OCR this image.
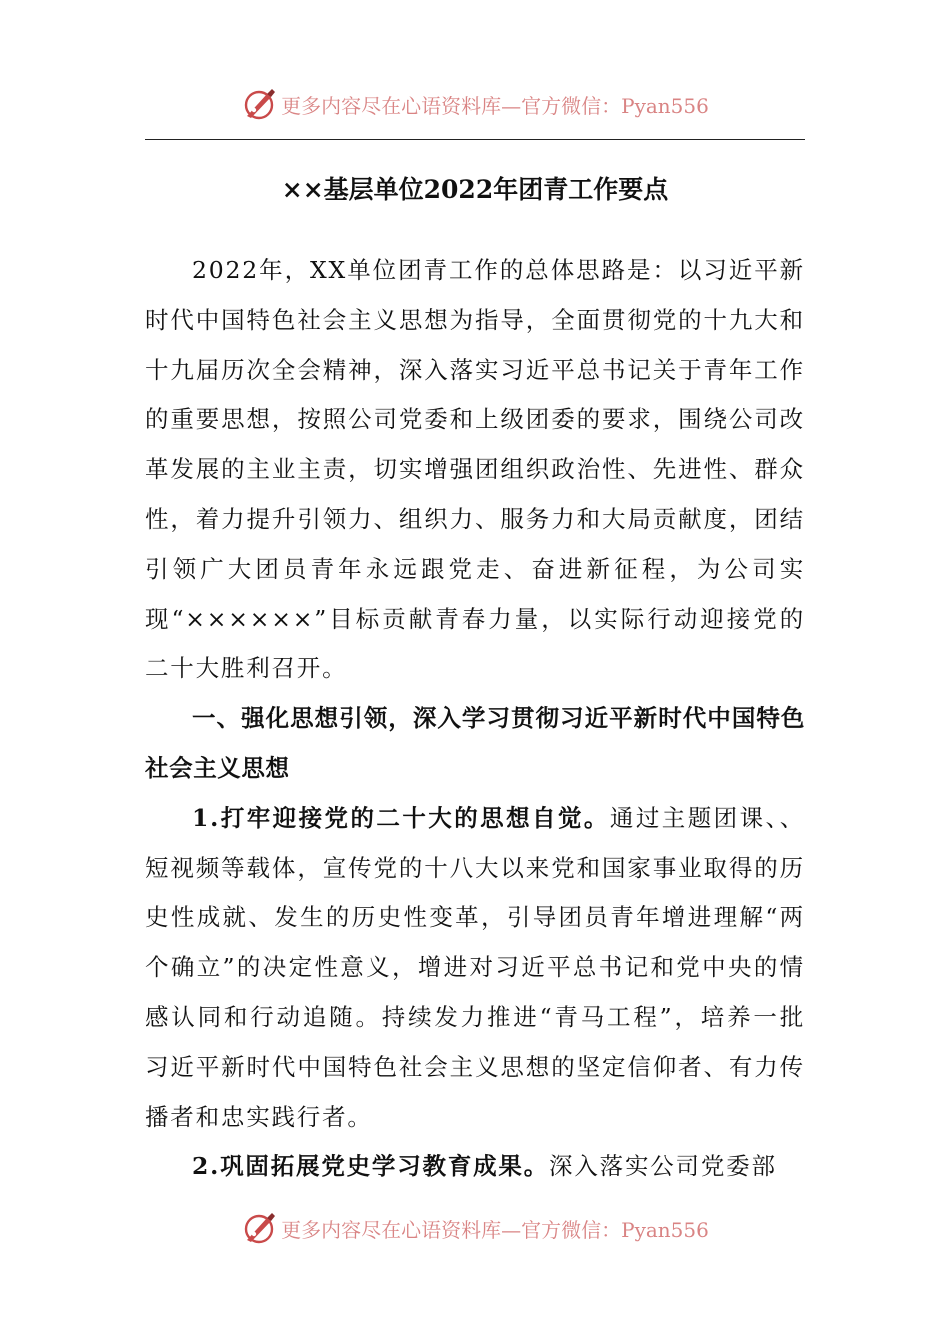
更多内容尽在心语资料库—官方微信：Pyan556
××基层单位2022年团青工作要点

2022年，XX单位团青工作的总体思路是：以习近平新时代中国特色社会主义思想为指导，全面贯彻党的十九大和十九届历次全会精神，深入落实习近平总书记关于青年工作的重要思想，按照公司党委和上级团委的要求，围绕公司改革发展的主业主责，切实增强团组织政治性、先进性、群众性，着力提升引领力、组织力、服务力和大局贡献度，团结引领广大团员青年永远跟党走、奋进新征程，为公司实现“××××××”目标贡献青春力量，以实际行动迎接党的二十大胜利召开。

一、强化思想引领，深入学习贯彻习近平新时代中国特色社会主义思想

1.打牢迎接党的二十大的思想自觉。通过主题团课、、短视频等载体，宣传党的十八大以来党和国家事业取得的历史性成就、发生的历史性变革，引导团员青年增进理解“两个确立”的决定性意义，增进对习近平总书记和党中央的情感认同和行动追随。持续发力推进“青马工程”，培养一批习近平新时代中国特色社会主义思想的坚定信仰者、有力传播者和忠实践行者。

2.巩固拓展党史学习教育成果。深入落实公司党委部

更多内容尽在心语资料库—官方微信：Pyan556
